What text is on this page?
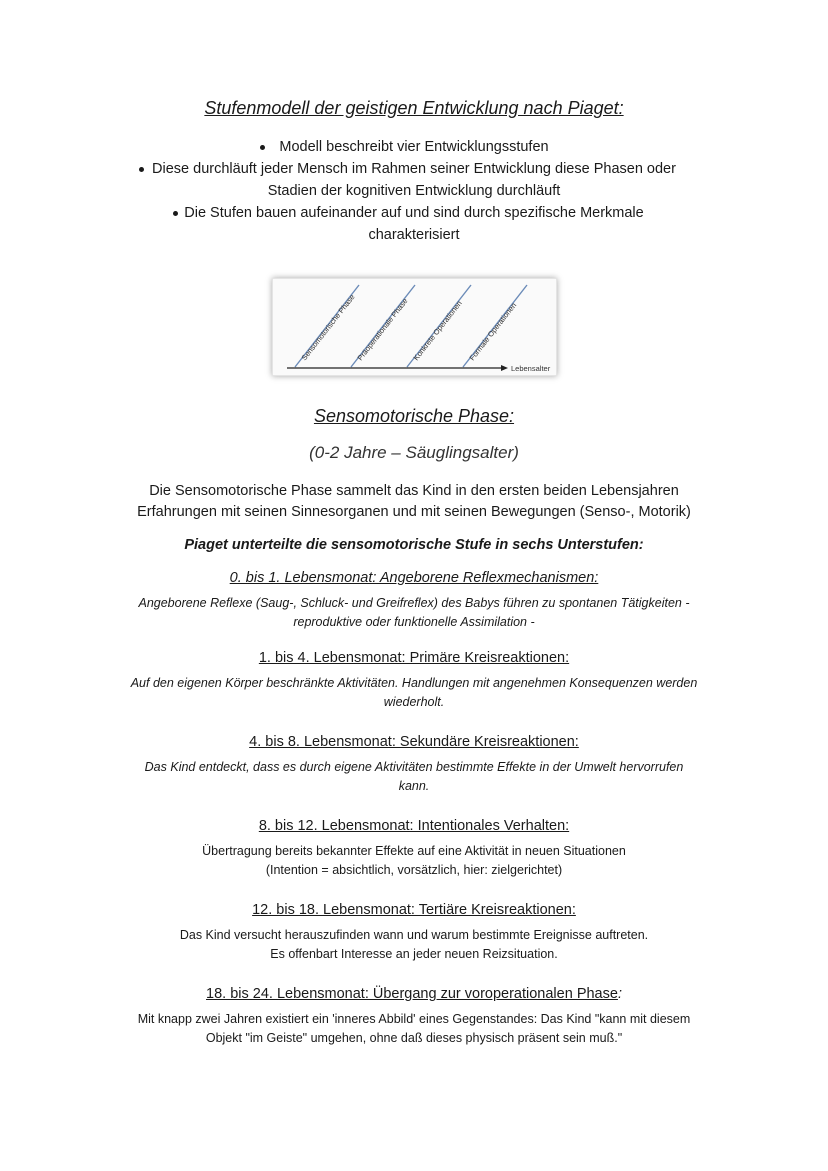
Stufenmodell der geistigen Entwicklung nach Piaget:
Modell beschreibt vier Entwicklungsstufen
Diese durchläuft jeder Mensch im Rahmen seiner Entwicklung diese Phasen oder
Stadien der kognitiven Entwicklung durchläuft
Die Stufen bauen aufeinander auf und sind durch spezifische Merkmale
charakterisiert
Sensomotorische Phase
Präoperationale Phase Konkrete Operationen Formale Operationen
Lebensalter
Sensomotorische Phase:
(0-2 Jahre – Säuglingsalter)
Die Sensomotorische Phase sammelt das Kind in den ersten beiden Lebensjahren
Erfahrungen mit seinen Sinnesorganen und mit seinen Bewegungen (Senso-, Motorik)
Piaget unterteilte die sensomotorische Stufe in sechs Unterstufen:
0. bis 1. Lebensmonat: Angeborene Reflexmechanismen:
Angeborene Reflexe (Saug-, Schluck- und Greifreflex) des Babys führen zu spontanen Tätigkeiten -
reproduktive oder funktionelle Assimilation -
1. bis 4. Lebensmonat: Primäre Kreisreaktionen:
Auf den eigenen Körper beschränkte Aktivitäten. Handlungen mit angenehmen Konsequenzen werden
wiederholt.
4. bis 8. Lebensmonat: Sekundäre Kreisreaktionen:
Das Kind entdeckt, dass es durch eigene Aktivitäten bestimmte Effekte in der Umwelt hervorrufen
kann.
8. bis 12. Lebensmonat: Intentionales Verhalten:
Übertragung bereits bekannter Effekte auf eine Aktivität in neuen Situationen
(Intention = absichtlich, vorsätzlich, hier: zielgerichtet)
12. bis 18. Lebensmonat: Tertiäre Kreisreaktionen:
Das Kind versucht herauszufinden wann und warum bestimmte Ereignisse auftreten.
Es offenbart Interesse an jeder neuen Reizsituation.
18. bis 24. Lebensmonat: Übergang zur voroperationalen Phase:
Mit knapp zwei Jahren existiert ein 'inneres Abbild' eines Gegenstandes: Das Kind "kann mit diesem
Objekt "im Geiste" umgehen, ohne daß dieses physisch präsent sein muß."
